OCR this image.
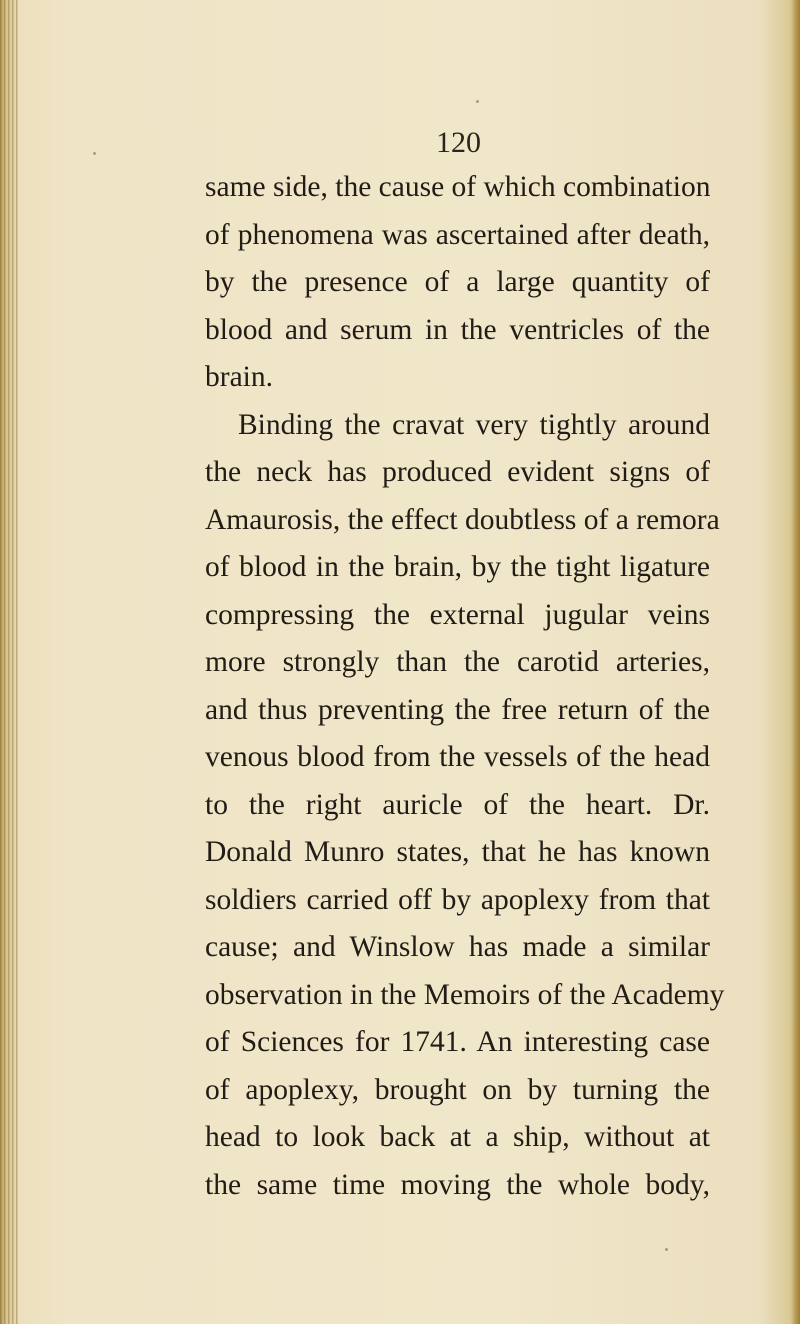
120
same side, the cause of which combination
of phenomena was ascertained after death,
by the presence of a large quantity of
blood and serum in the ventricles of the
brain.
Binding the cravat very tightly around
the neck has produced evident signs of
Amaurosis, the effect doubtless of a remora
of blood in the brain, by the tight ligature
compressing the external jugular veins
more strongly than the carotid arteries,
and thus preventing the free return of the
venous blood from the vessels of the head
to the right auricle of the heart. Dr.
Donald Munro states, that he has known
soldiers carried off by apoplexy from that
cause; and Winslow has made a similar
observation in the Memoirs of the Academy
of Sciences for 1741. An interesting case
of apoplexy, brought on by turning the
head to look back at a ship, without at
the same time moving the whole body,
